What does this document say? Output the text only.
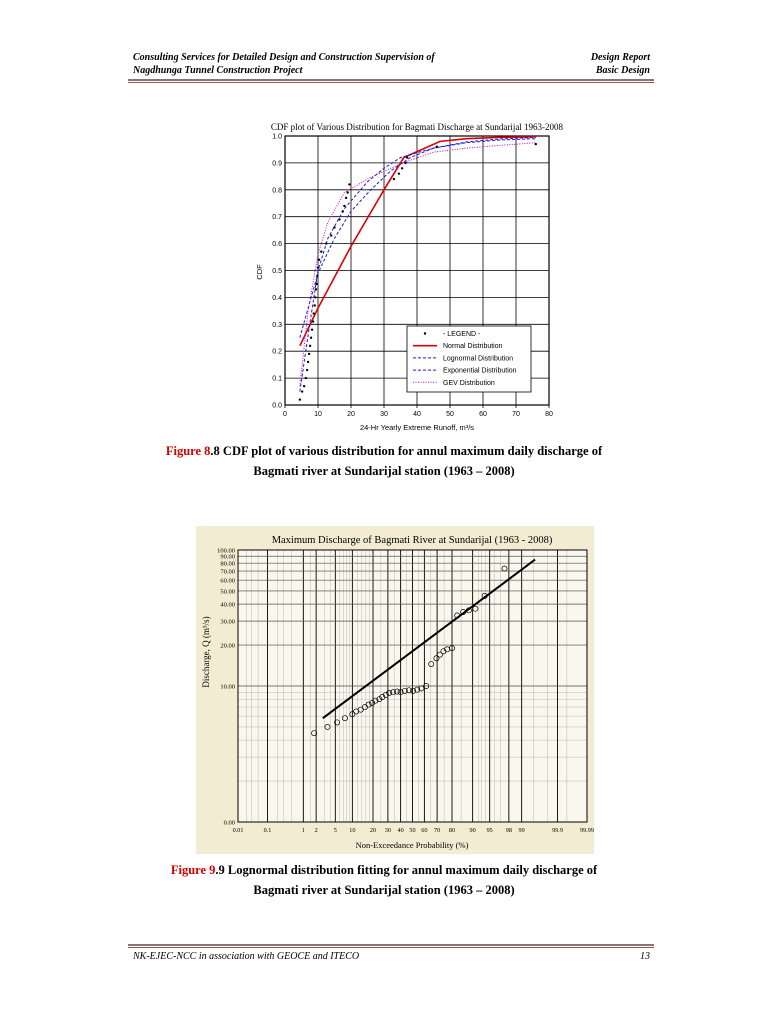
Consulting Services for Detailed Design and Construction Supervision of
Nagdhunga Tunnel Construction Project
Design Report
Basic Design
0	10	20	30	40	50	60	70	80
0.0
0.1
0.2
0.3
0.4
0.5
0.6
0.7
0.8
0.9
1.0
CDF plot of Various Distribution for Bagmati Discharge at Sundarijal 1963-2008
24-Hr Yearly Extreme Runoff, m³/s
CDF
- LEGEND -
Normal Distribution
Lognormal Distribution
Exponential Distribution
GEV Distribution
Figure 8.8 CDF plot of various distribution for annul maximum daily discharge of
Bagmati river at Sundarijal station (1963 – 2008)
0.01	0.1	1 2	5 10 20 30 40 50 60 70 80 90 95 98 99	99.9	99.99
0.00
10.00
20.00
30.00
40.00
50.00
60.00
70.00
80.00
90.00
100.00
Maximum Discharge of Bagmati River at Sundarijal (1963 - 2008)
Non-Exceedance Probability (%)
Discharge, Q (m³/s)
Figure 9.9 Lognormal distribution fitting for annul maximum daily discharge of
Bagmati river at Sundarijal station (1963 – 2008)
NK-EJEC-NCC in association with GEOCE and ITECO	13
